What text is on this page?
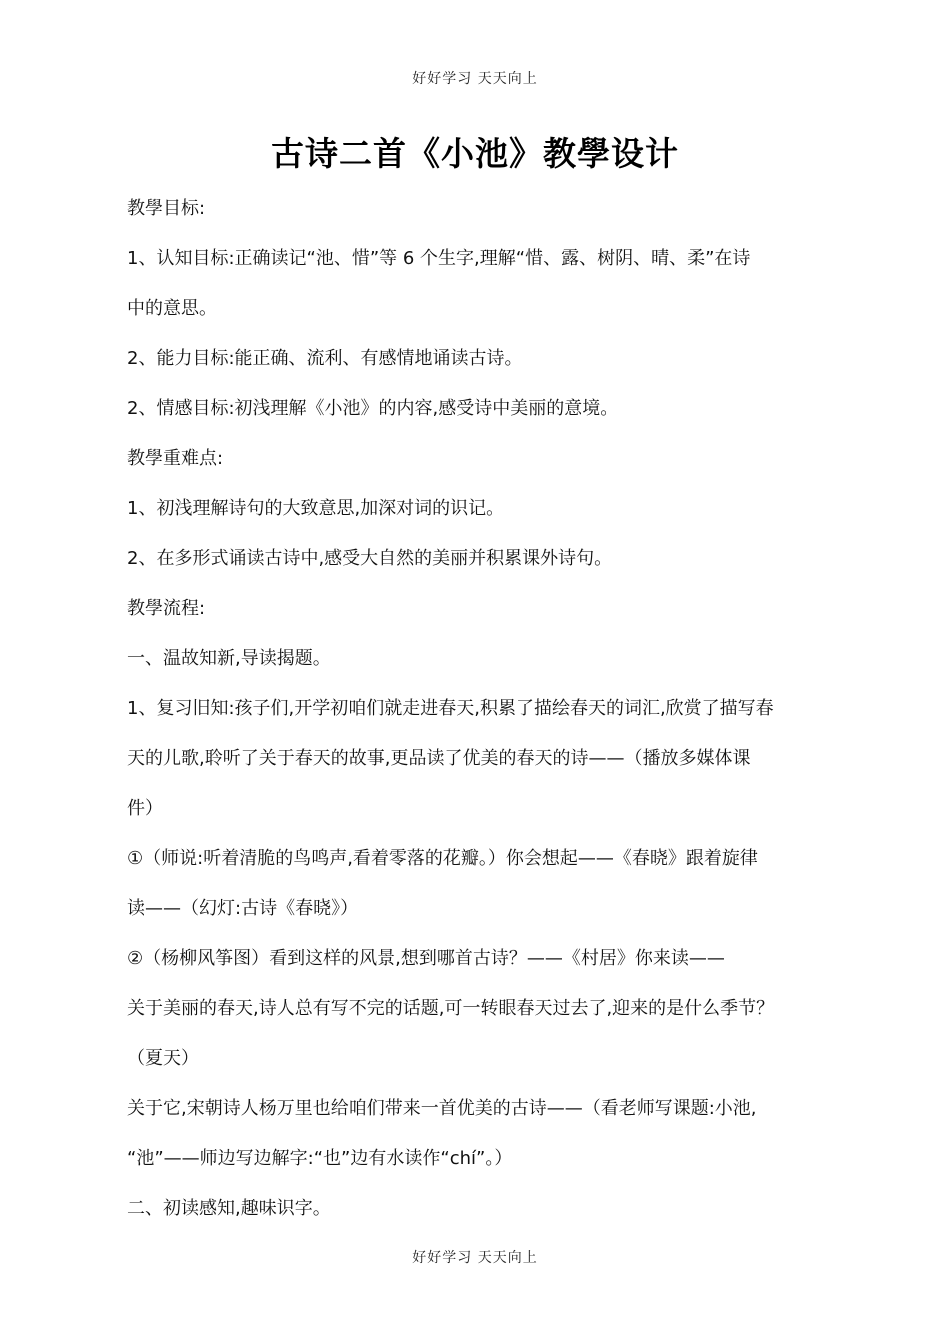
好好学习 天天向上
古诗二首《小池》教學设计
教學目标:
1、认知目标:正确读记“池、惜”等 6 个生字,理解“惜、露、树阴、晴、柔”在诗
中的意思。
2、能力目标:能正确、流利、有感情地诵读古诗。
2、情感目标:初浅理解《小池》的内容,感受诗中美丽的意境。
教學重难点:
1、初浅理解诗句的大致意思,加深对词的识记。
2、在多形式诵读古诗中,感受大自然的美丽并积累课外诗句。
教學流程:
一、温故知新,导读揭题。
1、复习旧知:孩子们,开学初咱们就走进春天,积累了描绘春天的词汇,欣赏了描写春
天的儿歌,聆听了关于春天的故事,更品读了优美的春天的诗——（播放多媒体课
件）
①（师说:听着清脆的鸟鸣声,看着零落的花瓣。）你会想起——《春晓》跟着旋律
读——（幻灯:古诗《春晓》）
②（杨柳风筝图）看到这样的风景,想到哪首古诗？——《村居》你来读——
关于美丽的春天,诗人总有写不完的话题,可一转眼春天过去了,迎来的是什么季节？
（夏天）
关于它,宋朝诗人杨万里也给咱们带来一首优美的古诗——（看老师写课题:小池,
“池”——师边写边解字:“也”边有水读作“chí”。）
二、初读感知,趣味识字。
好好学习 天天向上
